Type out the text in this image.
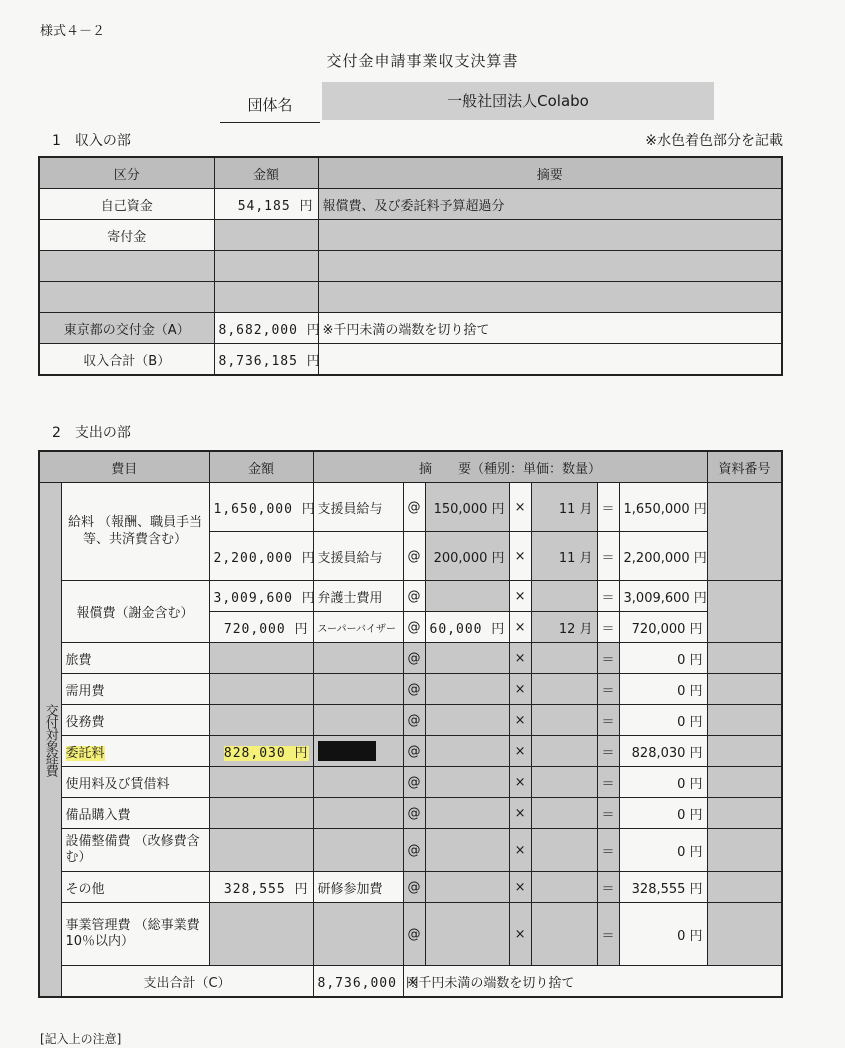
様式４－２
交付金申請事業収支決算書
団体名	一般社団法人Colabo
1　収入の部	※水色着色部分を記載
区分	金額	摘要
自己資金	54,185 円	報償費、及び委託料予算超過分
寄付金		

東京都の交付金（A）	8,682,000 円	※千円未満の端数を切り捨て
収入合計（B）	8,736,185 円	
2　支出の部
費目		金額	摘　　要（種別：単価：数量）							資料番号
交付対象経費	給料 （報酬、職員手当等、共済費含む）	1,650,000 円	支援員給与	@	150,000 円	×	11 月	＝	1,650,000 円	
		2,200,000 円	支援員給与	@	200,000 円	×	11 月	＝	2,200,000 円	
	報償費（謝金含む）	3,009,600 円	弁護士費用	@		×		＝	3,009,600 円	
		720,000 円	スーパーバイザー	@	60,000 円	×	12 月	＝	720,000 円	
	旅費			@		×		＝	0 円	
	需用費			@		×		＝	0 円	
	役務費			@		×		＝	0 円	
	委託料	828,030 円		@		×		＝	828,030 円	
	使用料及び賃借料			@		×		＝	0 円	
	備品購入費			@		×		＝	0 円	
	設備整備費 （改修費含む）			@		×		＝	0 円	
	その他	328,555 円	研修参加費	@		×		＝	328,555 円	
	事業管理費 （総事業費10％以内）			@		×		＝	0 円	
	支出合計（C）		8,736,000 円	※千円未満の端数を切り捨て						
[記入上の注意]
